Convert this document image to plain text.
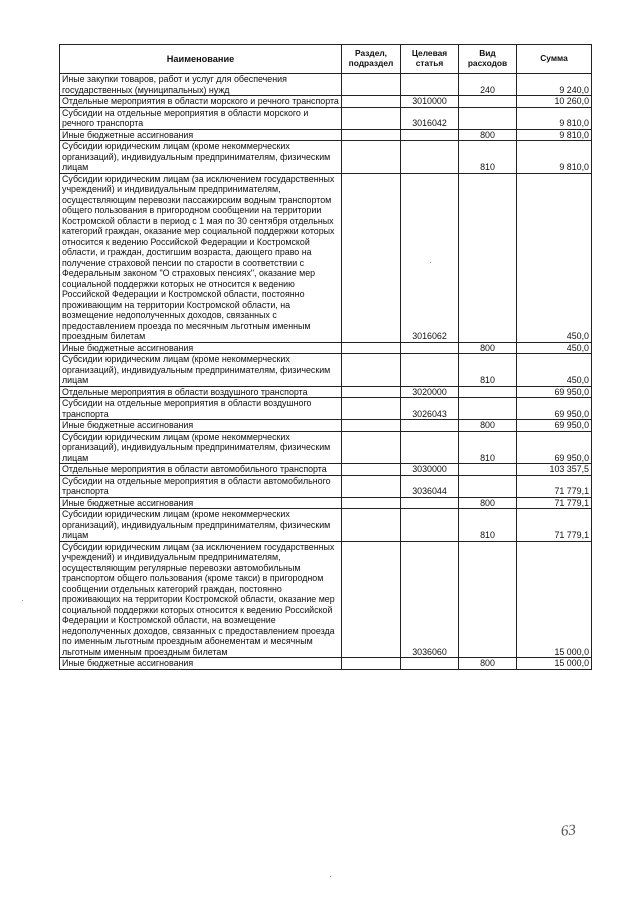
Наименование	Раздел, подраздел	Целевая статья	Вид расходов	Сумма
Иные закупки товаров, работ и услуг для обеспечения государственных (муниципальных) нужд			240	9 240,0
Отдельные мероприятия в области морского и речного транспорта		3010000		10 260,0
Субсидии на отдельные мероприятия в области морского и речного транспорта		3016042		9 810,0
Иные бюджетные ассигнования			800	9 810,0
Субсидии юридическим лицам (кроме некоммерческих организаций), индивидуальным предпринимателям, физическим лицам			810	9 810,0
Субсидии юридическим лицам (за исключением государственных учреждений) и индивидуальным предпринимателям, осуществляющим перевозки пассажирским водным транспортом общего пользования в пригородном сообщении на территории Костромской области в период с 1 мая по 30 сентября отдельных категорий граждан, оказание мер социальной поддержки которых относится к ведению Российской Федерации и Костромской области, и граждан, достигшим возраста, дающего право на получение страховой пенсии по старости в соответствии с Федеральным законом "О страховых пенсиях", оказание мер социальной поддержки которых не относится к ведению Российской Федерации и Костромской области, постоянно проживающим на территории Костромской области, на возмещение недополученных доходов, связанных с предоставлением проезда по месячным льготным именным проездным билетам		3016062		450,0
Иные бюджетные ассигнования			800	450,0
Субсидии юридическим лицам (кроме некоммерческих организаций), индивидуальным предпринимателям, физическим лицам			810	450,0
Отдельные мероприятия в области воздушного транспорта		3020000		69 950,0
Субсидии на отдельные мероприятия в области воздушного транспорта		3026043		69 950,0
Иные бюджетные ассигнования			800	69 950,0
Субсидии юридическим лицам (кроме некоммерческих организаций), индивидуальным предпринимателям, физическим лицам			810	69 950,0
Отдельные мероприятия в области автомобильного транспорта		3030000		103 357,5
Субсидии на отдельные мероприятия в области автомобильного транспорта		3036044		71 779,1
Иные бюджетные ассигнования			800	71 779,1
Субсидии юридическим лицам (кроме некоммерческих организаций), индивидуальным предпринимателям, физическим лицам			810	71 779,1
Субсидии юридическим лицам (за исключением государственных учреждений) и индивидуальным предпринимателям, осуществляющим регулярные перевозки автомобильным транспортом общего пользования (кроме такси) в пригородном сообщении отдельных категорий граждан, постоянно проживающих на территории Костромской области, оказание мер социальной поддержки которых относится к ведению Российской Федерации и Костромской области, на возмещение недополученных доходов, связанных с предоставлением проезда по именным льготным проездным абонементам и месячным льготным именным проездным билетам		3036060		15 000,0
Иные бюджетные ассигнования			800	15 000,0
63
